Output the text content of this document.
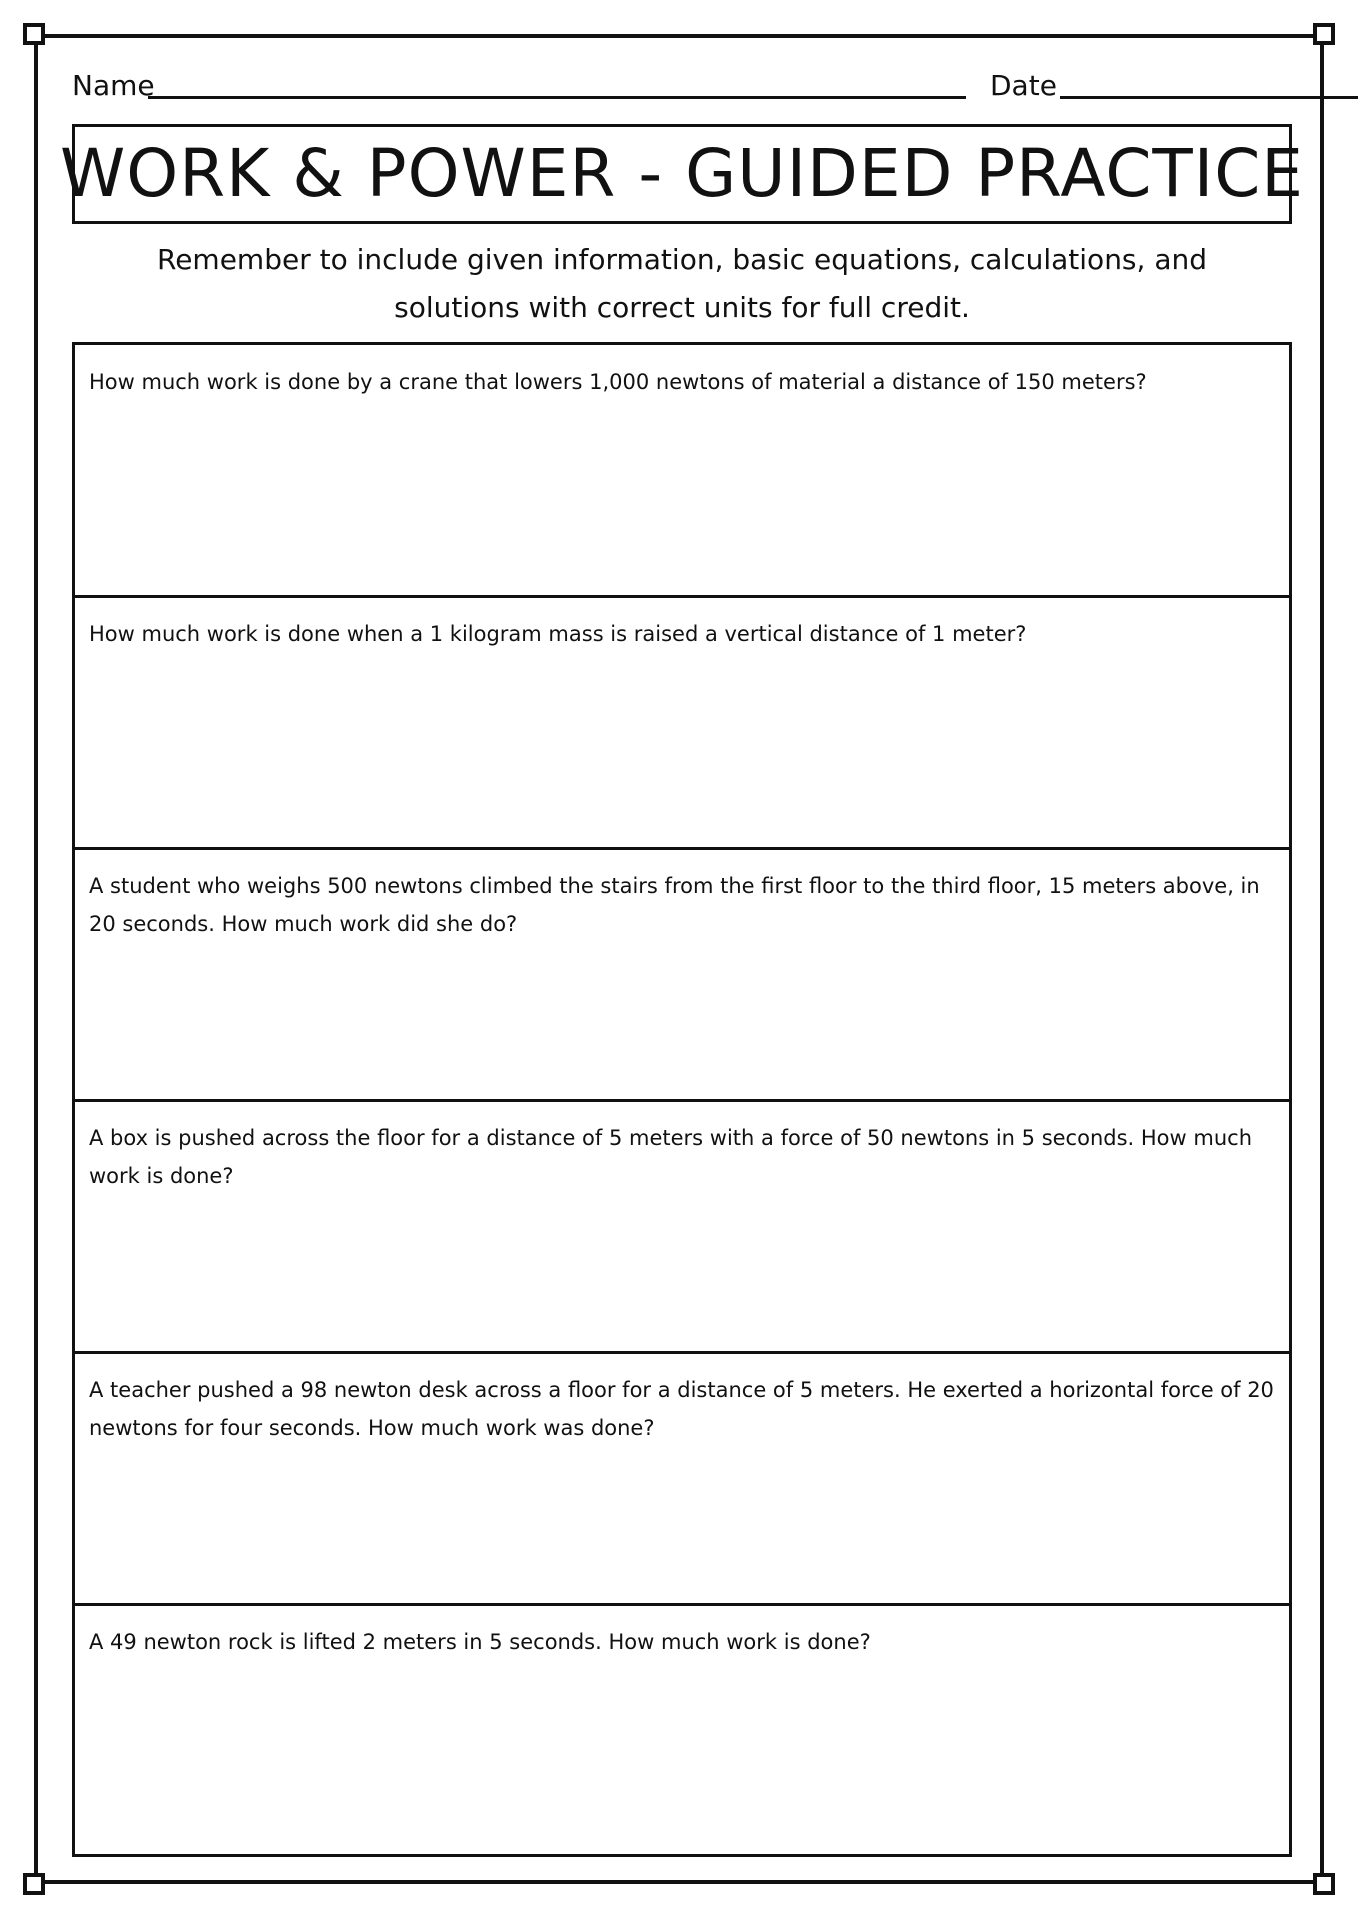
Name	Date
WORK & POWER - GUIDED PRACTICE
Remember to include given information, basic equations, calculations, and solutions with correct units for full credit.
How much work is done by a crane that lowers 1,000 newtons of material a distance of 150 meters?
How much work is done when a 1 kilogram mass is raised a vertical distance of 1 meter?
A student who weighs 500 newtons climbed the stairs from the first floor to the third floor, 15 meters above, in 20 seconds. How much work did she do?
A box is pushed across the floor for a distance of 5 meters with a force of 50 newtons in 5 seconds. How much work is done?
A teacher pushed a 98 newton desk across a floor for a distance of 5 meters. He exerted a horizontal force of 20 newtons for four seconds. How much work was done?
A 49 newton rock is lifted 2 meters in 5 seconds. How much work is done?
